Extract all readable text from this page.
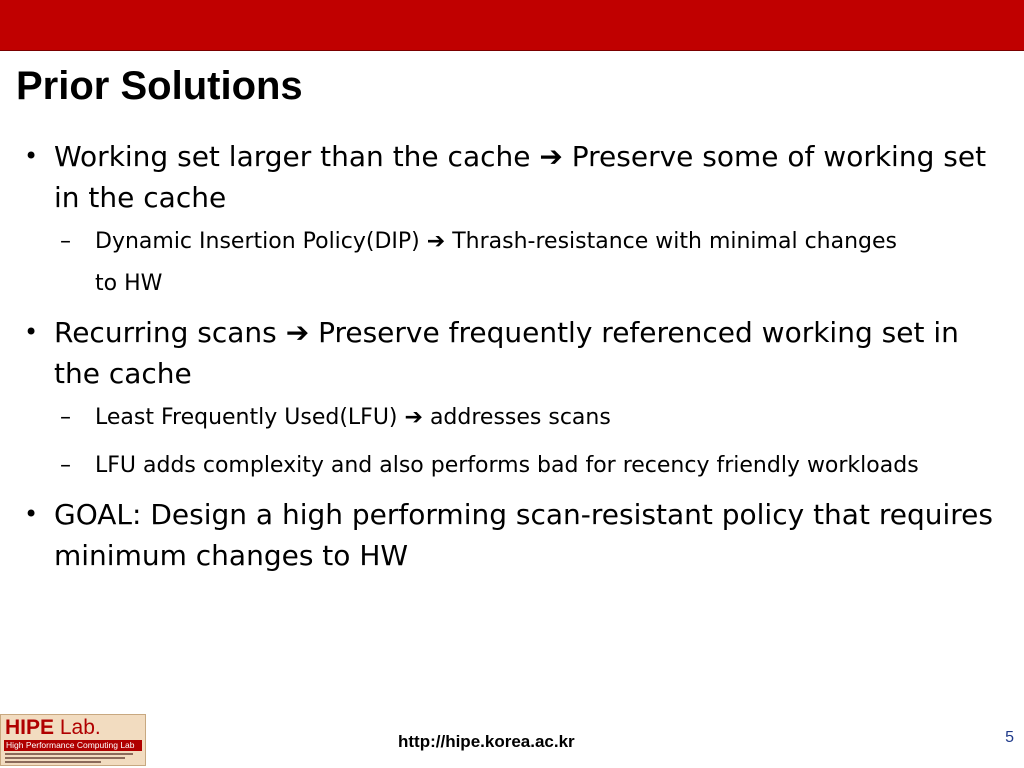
Prior Solutions

• Working set larger than the cache ➔ Preserve some of working set in the cache

– Dynamic Insertion Policy(DIP) ➔ Thrash-resistance with minimal changes to HW

• Recurring scans ➔ Preserve frequently referenced working set in the cache

– Least Frequently Used(LFU) ➔ addresses scans

– LFU adds complexity and also performs bad for recency friendly workloads

• GOAL: Design a high performing scan-resistant policy that requires minimum changes to HW

HIPE Lab.
High Performance Computing Lab	http://hipe.korea.ac.kr	5
